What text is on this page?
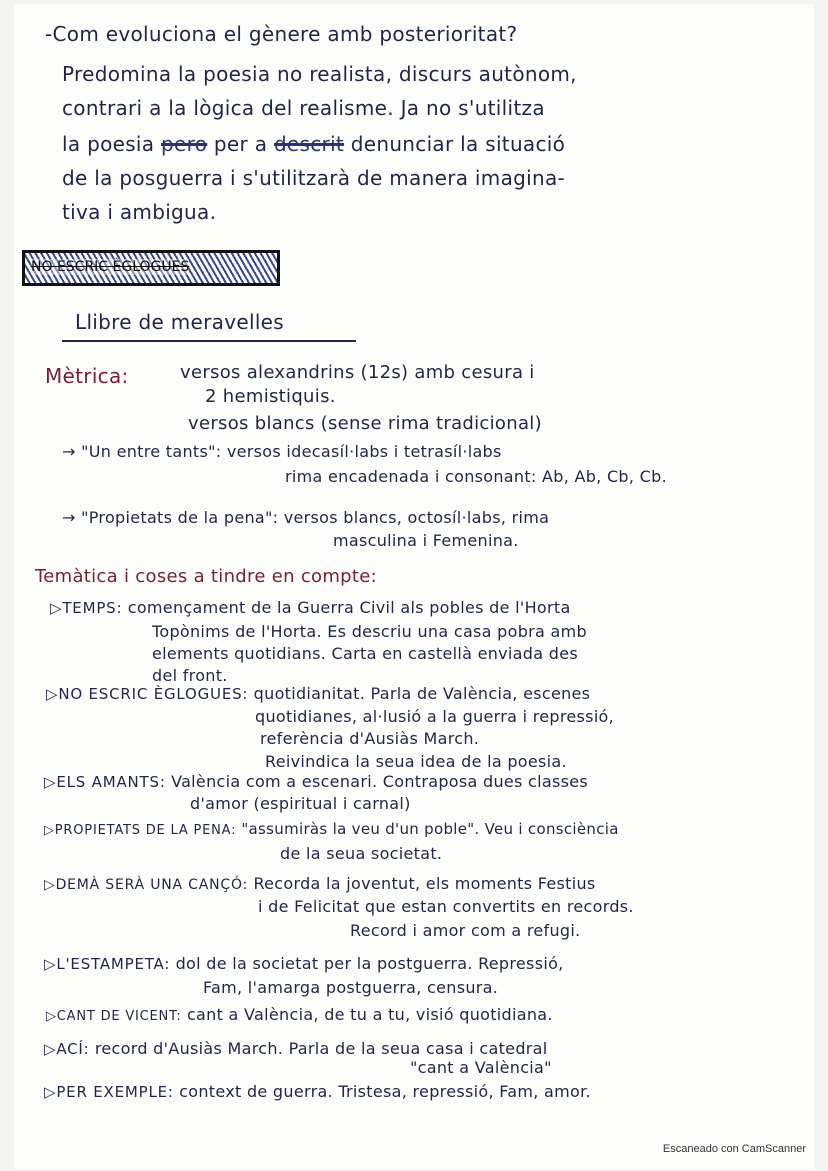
-Com evoluciona el gènere amb posterioritat?
Predomina la poesia no realista, discurs autònom,
contrari a la lògica del realisme. Ja no s'utilitza
la poesia pero per a descrit denunciar la situació
de la posguerra i s'utilitzarà de manera imagina-
tiva i ambigua.
NO ESCRIC ÈGLOGUES
Llibre de meravelles
Mètrica:	versos alexandrins (12s) amb cesura i
2 hemistiquis.
versos blancs (sense rima tradicional)
→ "Un entre tants": versos idecasíl·labs i tetrasíl·labs
rima encadenada i consonant: Ab, Ab, Cb, Cb.
→ "Propietats de la pena": versos blancs, octosíl·labs, rima
masculina i Femenina.
Temàtica i coses a tindre en compte:
▷TEMPS: començament de la Guerra Civil als pobles de l'Horta
Topònims de l'Horta. Es descriu una casa pobra amb
elements quotidians. Carta en castellà enviada des
del front.
▷NO ESCRIC ÈGLOGUES: quotidianitat. Parla de València, escenes
quotidianes, al·lusió a la guerra i repressió,
referència d'Ausiàs March.
Reivindica la seua idea de la poesia.
▷ELS AMANTS: València com a escenari. Contraposa dues classes
d'amor (espiritual i carnal)
▷PROPIETATS DE LA PENA: "assumiràs la veu d'un poble". Veu i consciència
de la seua societat.
▷DEMÀ SERÀ UNA CANÇÓ: Recorda la joventut, els moments Festius
i de Felicitat que estan convertits en records.
Record i amor com a refugi.
▷L'ESTAMPETA: dol de la societat per la postguerra. Repressió,
Fam, l'amarga postguerra, censura.
▷CANT DE VICENT: cant a València, de tu a tu, visió quotidiana.
▷ACÍ: record d'Ausiàs March. Parla de la seua casa i catedral
"cant a València"
▷PER EXEMPLE: context de guerra. Tristesa, repressió, Fam, amor.
Escaneado con CamScanner
